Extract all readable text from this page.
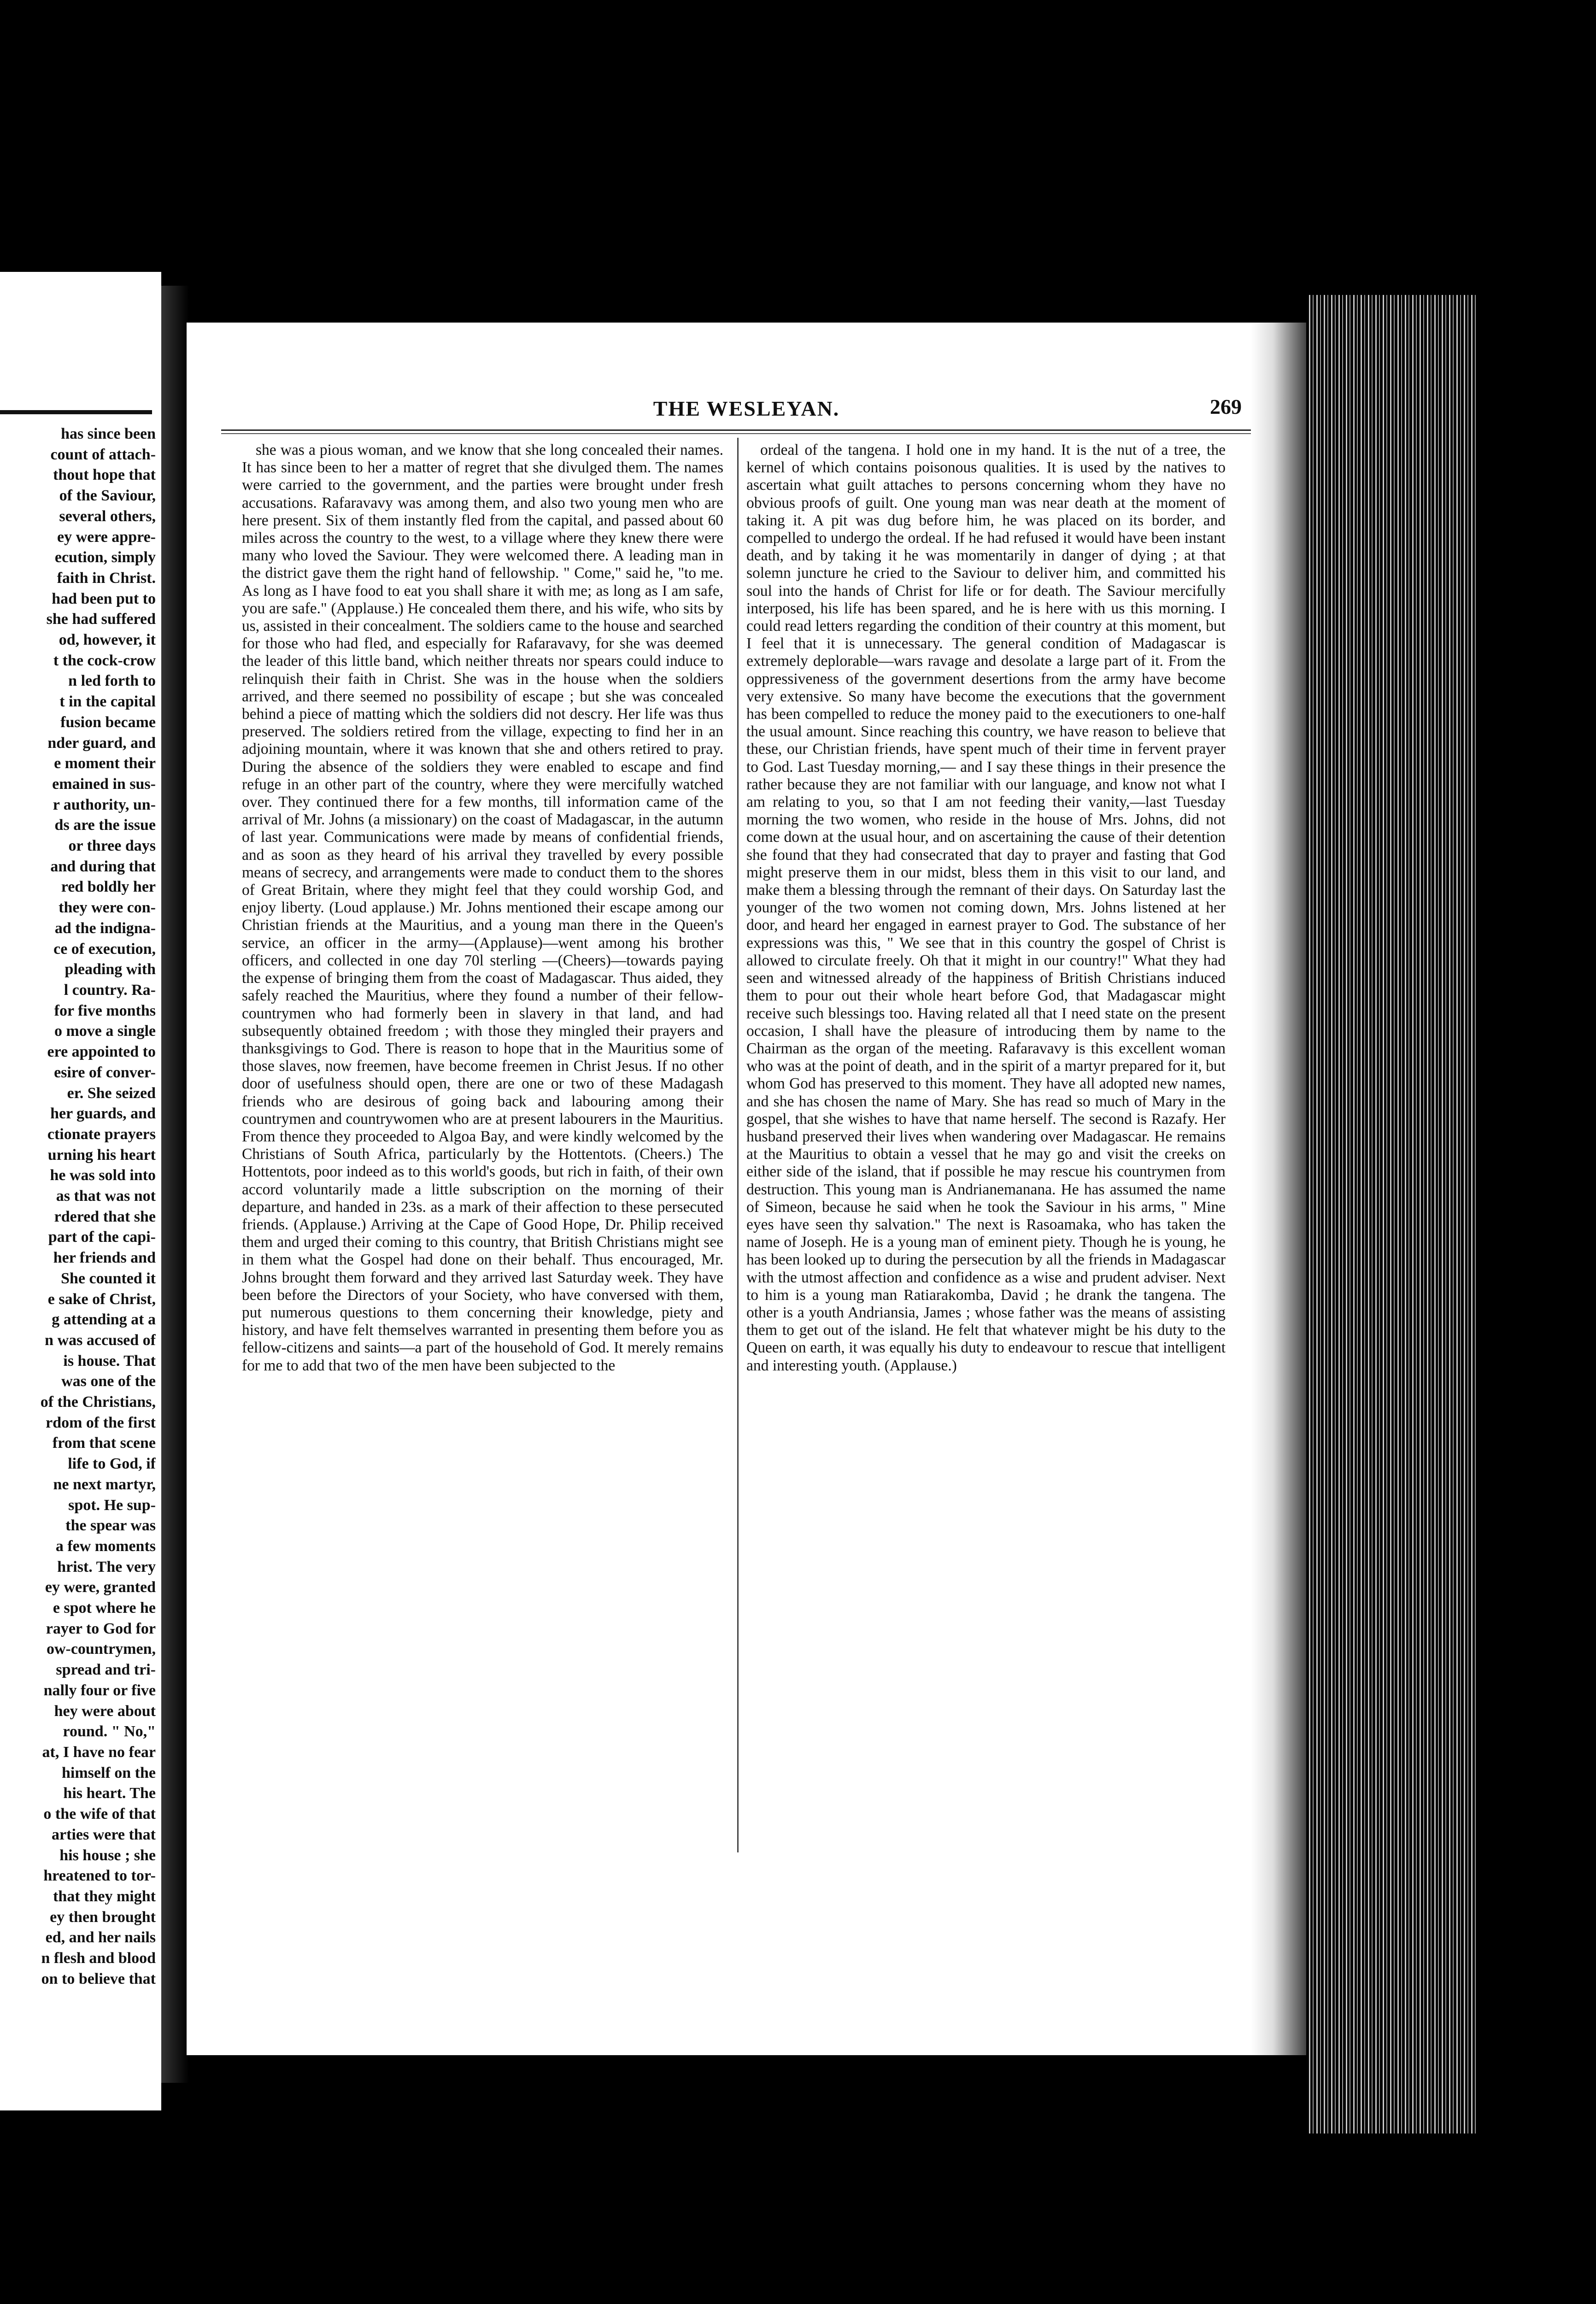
has since been
count of attach-
thout hope that
of the Saviour,
several others,
ey were appre-
ecution, simply
faith in Christ.
had been put to
she had suffered
od, however, it
t the cock-crow
n led forth to
t in the capital
fusion became
nder guard, and
e moment their
emained in sus-
r authority, un-
ds are the issue
or three days
and during that
red boldly her
they were con-
ad the indigna-
ce of execution,
pleading with
l country. Ra-
for five months
o move a single
ere appointed to
esire of conver-
er. She seized
her guards, and
ctionate prayers
urning his heart
he was sold into
as that was not
rdered that she
part of the capi-
her friends and
She counted it
e sake of Christ,
g attending at a
n was accused of
is house. That
was one of the
of the Christians,
rdom of the first
from that scene
life to God, if
ne next martyr,
spot. He sup-
the spear was
a few moments
hrist. The very
ey were, granted
e spot where he
rayer to God for
ow-countrymen,
spread and tri-
nally four or five
hey were about
round. " No,"
at, I have no fear
himself on the
his heart. The
o the wife of that
arties were that
his house ; she
hreatened to tor-
that they might
ey then brought
ed, and her nails
n flesh and blood
on to believe that
THE WESLEYAN.	269

she was a pious woman, and we know that she long concealed their names. It has since been to her a matter of regret that she divulged them. The names were carried to the government, and the parties were brought under fresh accusations. Rafaravavy was among them, and also two young men who are here present. Six of them instantly fled from the capital, and passed about 60 miles across the country to the west, to a village where they knew there were many who loved the Saviour. They were welcomed there. A leading man in the district gave them the right hand of fellowship. " Come," said he, "to me. As long as I have food to eat you shall share it with me; as long as I am safe, you are safe." (Applause.) He concealed them there, and his wife, who sits by us, assisted in their concealment. The soldiers came to the house and searched for those who had fled, and especially for Rafaravavy, for she was deemed the leader of this little band, which neither threats nor spears could induce to relinquish their faith in Christ. She was in the house when the soldiers arrived, and there seemed no possibility of escape ; but she was concealed behind a piece of matting which the soldiers did not descry. Her life was thus preserved. The soldiers retired from the village, expecting to find her in an adjoining mountain, where it was known that she and others retired to pray. During the absence of the soldiers they were enabled to escape and find refuge in an other part of the country, where they were mercifully watched over. They continued there for a few months, till information came of the arrival of Mr. Johns (a missionary) on the coast of Madagascar, in the autumn of last year. Communications were made by means of confidential friends, and as soon as they heard of his arrival they travelled by every possible means of secrecy, and arrangements were made to conduct them to the shores of Great Britain, where they might feel that they could worship God, and enjoy liberty. (Loud applause.) Mr. Johns mentioned their escape among our Christian friends at the Mauritius, and a young man there in the Queen's service, an officer in the army—(Applause)—went among his brother officers, and collected in one day 70l sterling —(Cheers)—towards paying the expense of bringing them from the coast of Madagascar. Thus aided, they safely reached the Mauritius, where they found a number of their fellow-countrymen who had formerly been in slavery in that land, and had subsequently obtained freedom ; with those they mingled their prayers and thanksgivings to God. There is reason to hope that in the Mauritius some of those slaves, now freemen, have become freemen in Christ Jesus. If no other door of usefulness should open, there are one or two of these Madagash friends who are desirous of going back and labouring among their countrymen and countrywomen who are at present labourers in the Mauritius. From thence they proceeded to Algoa Bay, and were kindly welcomed by the Christians of South Africa, particularly by the Hottentots. (Cheers.) The Hottentots, poor indeed as to this world's goods, but rich in faith, of their own accord voluntarily made a little subscription on the morning of their departure, and handed in 23s. as a mark of their affection to these persecuted friends. (Applause.) Arriving at the Cape of Good Hope, Dr. Philip received them and urged their coming to this country, that British Christians might see in them what the Gospel had done on their behalf. Thus encouraged, Mr. Johns brought them forward and they arrived last Saturday week. They have been before the Directors of your Society, who have conversed with them, put numerous questions to them concerning their knowledge, piety and history, and have felt themselves warranted in presenting them before you as fellow-citizens and saints—a part of the household of God. It merely remains for me to add that two of the men have been subjected to the

ordeal of the tangena. I hold one in my hand. It is the nut of a tree, the kernel of which contains poisonous qualities. It is used by the natives to ascertain what guilt attaches to persons concerning whom they have no obvious proofs of guilt. One young man was near death at the moment of taking it. A pit was dug before him, he was placed on its border, and compelled to undergo the ordeal. If he had refused it would have been instant death, and by taking it he was momentarily in danger of dying ; at that solemn juncture he cried to the Saviour to deliver him, and committed his soul into the hands of Christ for life or for death. The Saviour mercifully interposed, his life has been spared, and he is here with us this morning. I could read letters regarding the condition of their country at this moment, but I feel that it is unnecessary. The general condition of Madagascar is extremely deplorable—wars ravage and desolate a large part of it. From the oppressiveness of the government desertions from the army have become very extensive. So many have become the executions that the government has been compelled to reduce the money paid to the executioners to one-half the usual amount. Since reaching this country, we have reason to believe that these, our Christian friends, have spent much of their time in fervent prayer to God. Last Tuesday morning,— and I say these things in their presence the rather because they are not familiar with our language, and know not what I am relating to you, so that I am not feeding their vanity,—last Tuesday morning the two women, who reside in the house of Mrs. Johns, did not come down at the usual hour, and on ascertaining the cause of their detention she found that they had consecrated that day to prayer and fasting that God might preserve them in our midst, bless them in this visit to our land, and make them a blessing through the remnant of their days. On Saturday last the younger of the two women not coming down, Mrs. Johns listened at her door, and heard her engaged in earnest prayer to God. The substance of her expressions was this, " We see that in this country the gospel of Christ is allowed to circulate freely. Oh that it might in our country!" What they had seen and witnessed already of the happiness of British Christians induced them to pour out their whole heart before God, that Madagascar might receive such blessings too. Having related all that I need state on the present occasion, I shall have the pleasure of introducing them by name to the Chairman as the organ of the meeting. Rafaravavy is this excellent woman who was at the point of death, and in the spirit of a martyr prepared for it, but whom God has preserved to this moment. They have all adopted new names, and she has chosen the name of Mary. She has read so much of Mary in the gospel, that she wishes to have that name herself. The second is Razafy. Her husband preserved their lives when wandering over Madagascar. He remains at the Mauritius to obtain a vessel that he may go and visit the creeks on either side of the island, that if possible he may rescue his countrymen from destruction. This young man is Andrianemanana. He has assumed the name of Simeon, because he said when he took the Saviour in his arms, " Mine eyes have seen thy salvation." The next is Rasoamaka, who has taken the name of Joseph. He is a young man of eminent piety. Though he is young, he has been looked up to during the persecution by all the friends in Madagascar with the utmost affection and confidence as a wise and prudent adviser. Next to him is a young man Ratiarakomba, David ; he drank the tangena. The other is a youth Andriansia, James ; whose father was the means of assisting them to get out of the island. He felt that whatever might be his duty to the Queen on earth, it was equally his duty to endeavour to rescue that intelligent and interesting youth. (Applause.)
